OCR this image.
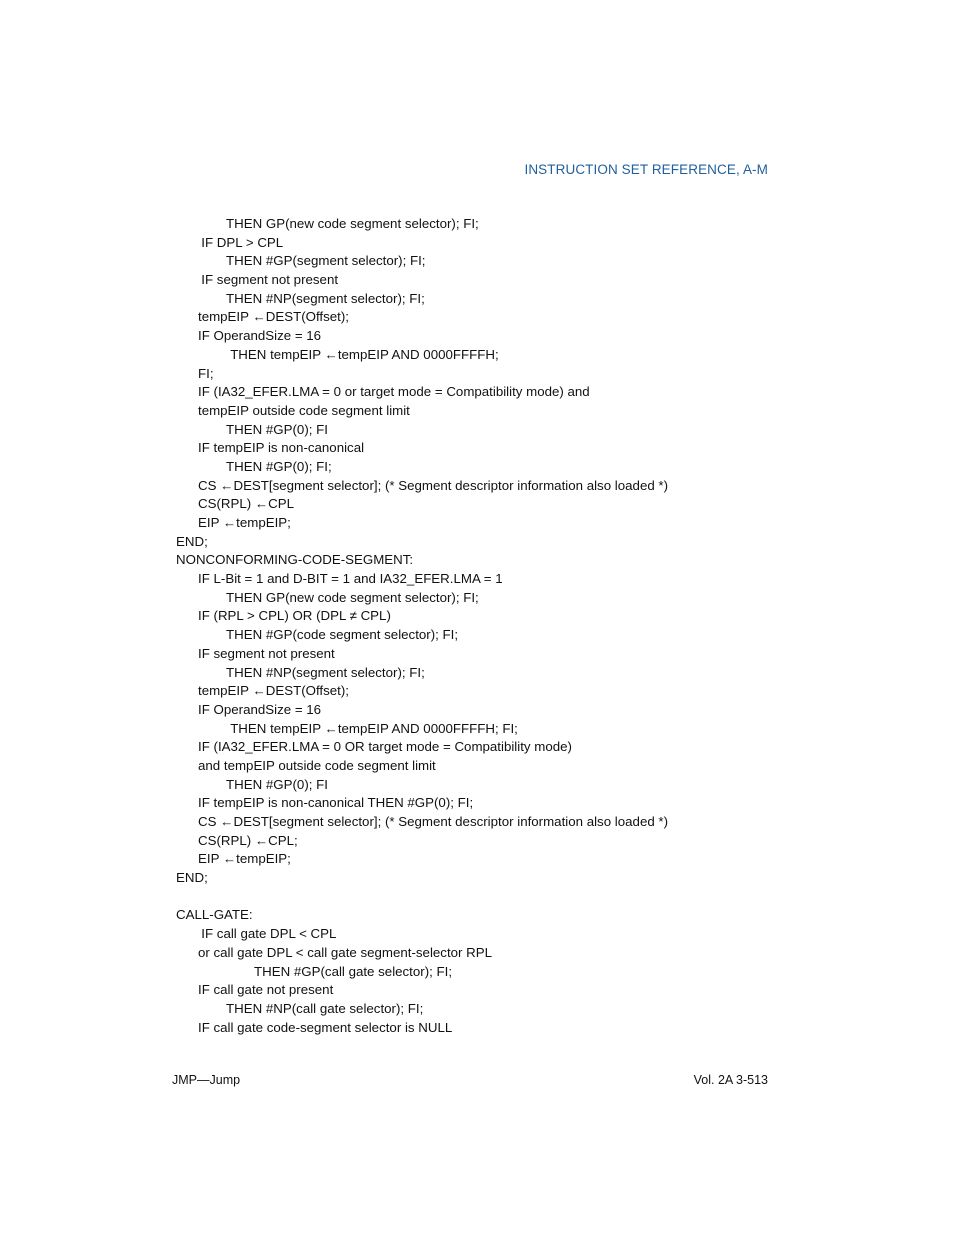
INSTRUCTION SET REFERENCE, A-M
THEN GP(new code segment selector); FI;
IF DPL > CPL
THEN #GP(segment selector); FI;
IF segment not present
THEN #NP(segment selector); FI;
tempEIP ←DEST(Offset);
IF OperandSize = 16
THEN tempEIP ←tempEIP AND 0000FFFFH;
FI;
IF (IA32_EFER.LMA = 0 or target mode = Compatibility mode) and
tempEIP outside code segment limit
THEN #GP(0); FI
IF tempEIP is non-canonical
THEN #GP(0); FI;
CS ←DEST[segment selector]; (* Segment descriptor information also loaded *)
CS(RPL) ←CPL
EIP ←tempEIP;
END;
NONCONFORMING-CODE-SEGMENT:
IF L-Bit = 1 and D-BIT = 1 and IA32_EFER.LMA = 1
THEN GP(new code segment selector); FI;
IF (RPL > CPL) OR (DPL ≠ CPL)
THEN #GP(code segment selector); FI;
IF segment not present
THEN #NP(segment selector); FI;
tempEIP ←DEST(Offset);
IF OperandSize = 16
THEN tempEIP ←tempEIP AND 0000FFFFH; FI;
IF (IA32_EFER.LMA = 0 OR target mode = Compatibility mode)
and tempEIP outside code segment limit
THEN #GP(0); FI
IF tempEIP is non-canonical THEN #GP(0); FI;
CS ←DEST[segment selector]; (* Segment descriptor information also loaded *)
CS(RPL) ←CPL;
EIP ←tempEIP;
END;
CALL-GATE:
IF call gate DPL < CPL
or call gate DPL < call gate segment-selector RPL
THEN #GP(call gate selector); FI;
IF call gate not present
THEN #NP(call gate selector); FI;
IF call gate code-segment selector is NULL
JMP—Jump	Vol. 2A 3-513
